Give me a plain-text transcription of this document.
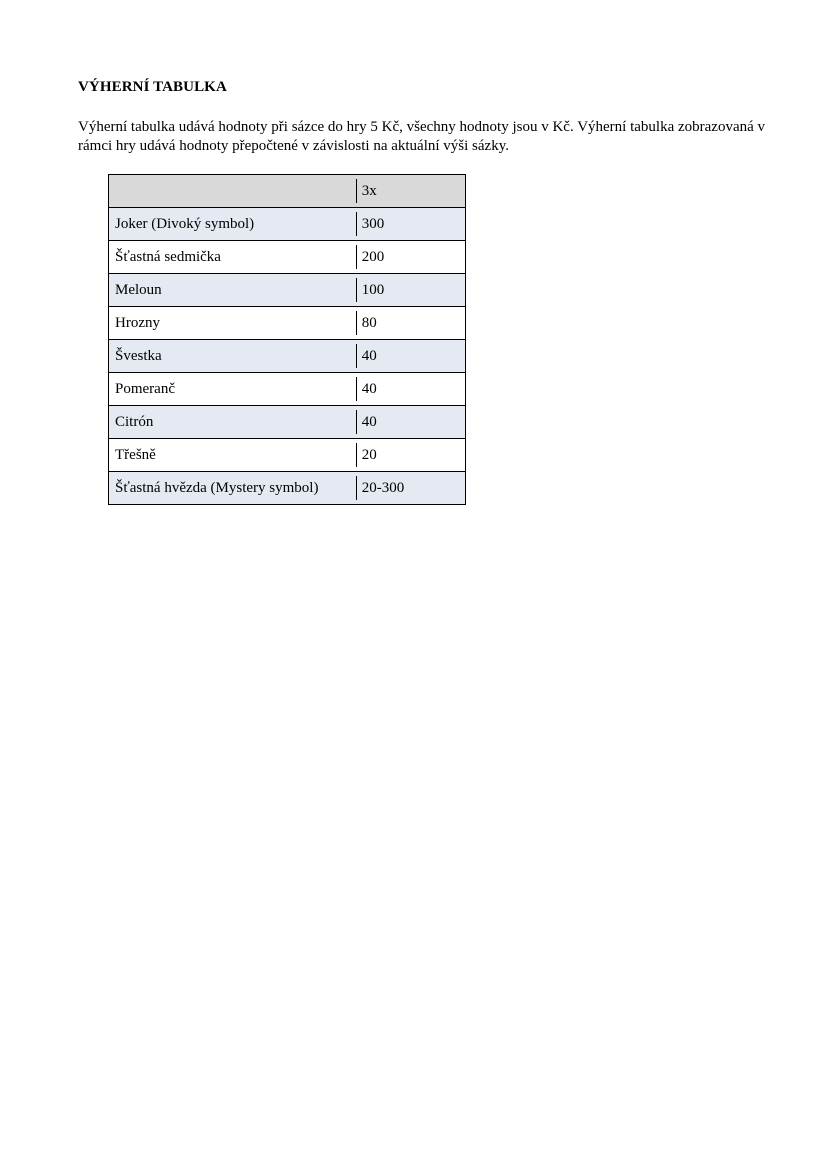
VÝHERNÍ TABULKA

Výherní tabulka udává hodnoty při sázce do hry 5 Kč, všechny hodnoty jsou v Kč. Výherní tabulka zobrazovaná v rámci hry udává hodnoty přepočtené v závislosti na aktuální výši sázky.

	3x
Joker (Divoký symbol)	300
Šťastná sedmička	200
Meloun	100
Hrozny	80
Švestka	40
Pomeranč	40
Citrón	40
Třešně	20
Šťastná hvězda (Mystery symbol)	20-300
